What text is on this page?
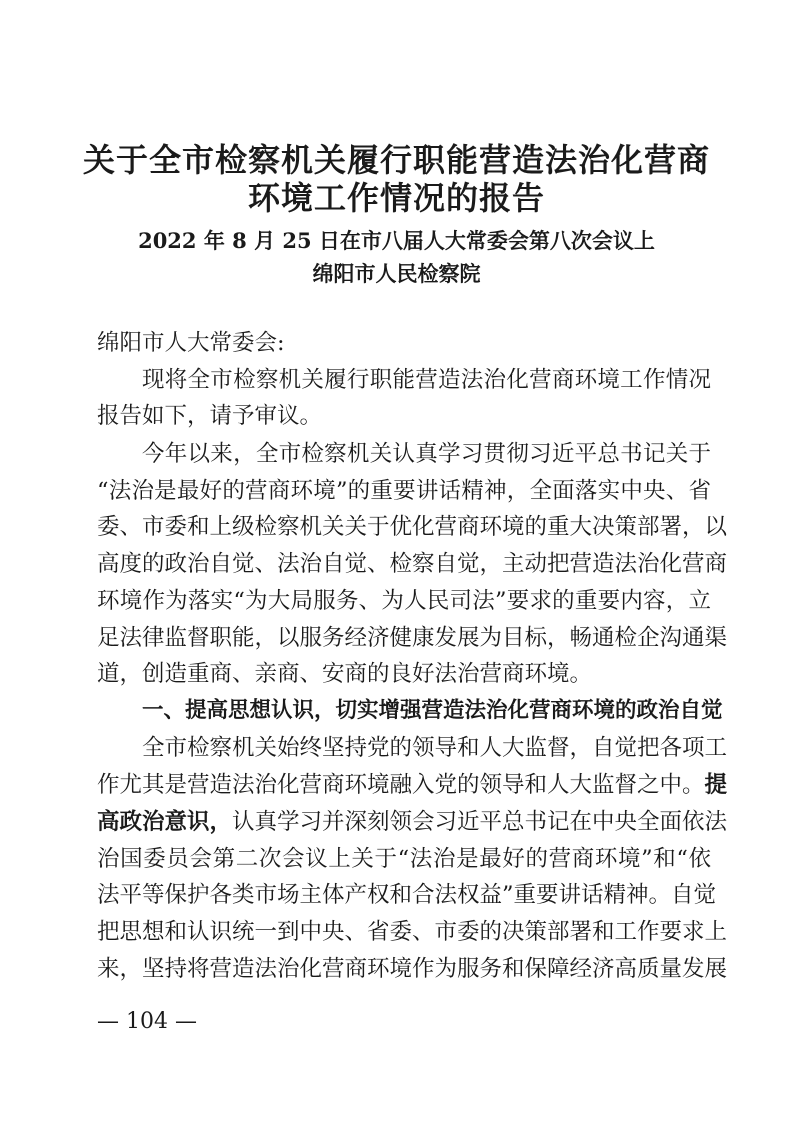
关于全市检察机关履行职能营造法治化营商
环境工作情况的报告
2022 年 8 月 25 日在市八届人大常委会第八次会议上
绵阳市人民检察院
绵阳市人大常委会:
现将全市检察机关履行职能营造法治化营商环境工作情况
报告如下，请予审议。
今年以来，全市检察机关认真学习贯彻习近平总书记关于
“法治是最好的营商环境”的重要讲话精神，全面落实中央、省
委、市委和上级检察机关关于优化营商环境的重大决策部署，以
高度的政治自觉、法治自觉、检察自觉，主动把营造法治化营商
环境作为落实“为大局服务、为人民司法”要求的重要内容，立
足法律监督职能，以服务经济健康发展为目标，畅通检企沟通渠
道，创造重商、亲商、安商的良好法治营商环境。
一、提高思想认识，切实增强营造法治化营商环境的政治自觉
全市检察机关始终坚持党的领导和人大监督，自觉把各项工
作尤其是营造法治化营商环境融入党的领导和人大监督之中。提
高政治意识，认真学习并深刻领会习近平总书记在中央全面依法
治国委员会第二次会议上关于“法治是最好的营商环境”和“依
法平等保护各类市场主体产权和合法权益”重要讲话精神。自觉
把思想和认识统一到中央、省委、市委的决策部署和工作要求上
来，坚持将营造法治化营商环境作为服务和保障经济高质量发展
— 104 —
